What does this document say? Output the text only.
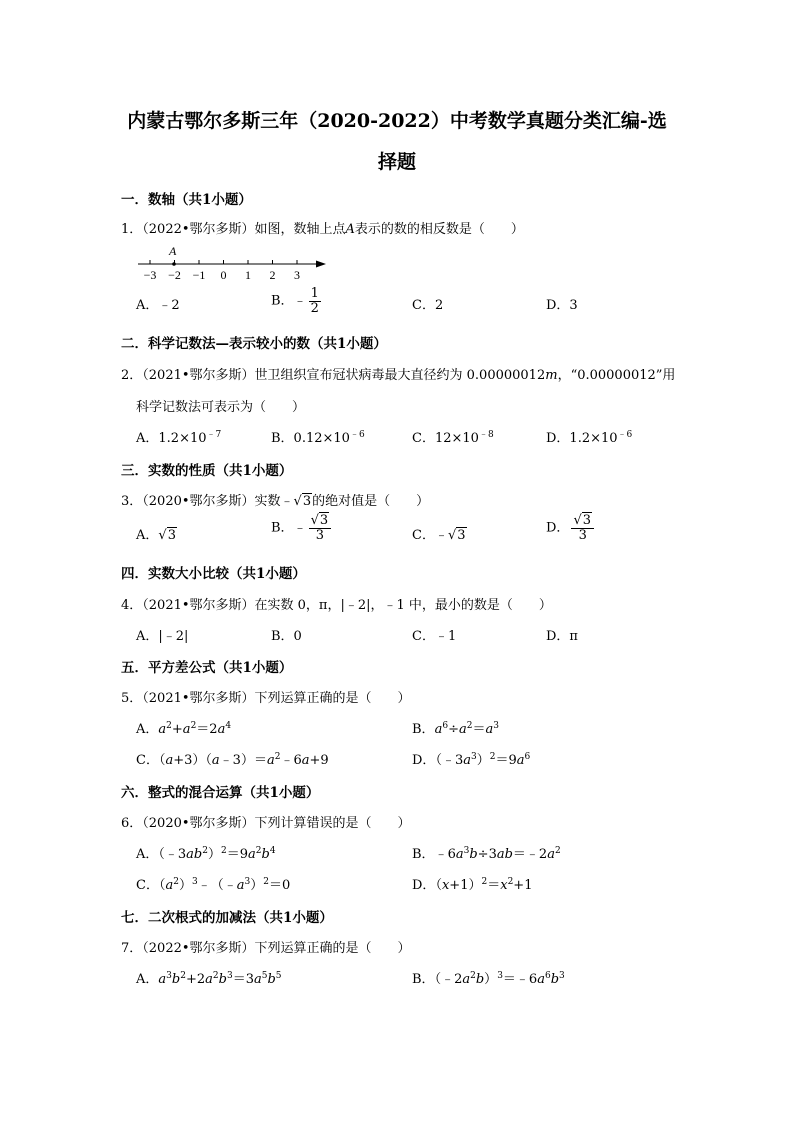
内蒙古鄂尔多斯三年（2020-2022）中考数学真题分类汇编-选
择题
一．数轴（共1小题）
1．（2022•鄂尔多斯）如图，数轴上点A表示的数的相反数是（　　）
−3 −2 −1 0 1 2 3
A
A．﹣2	B．﹣ $\frac{1}{2}$	C．2	D．3
二．科学记数法—表示较小的数（共1小题）
2．（2021•鄂尔多斯）世卫组织宣布冠状病毒最大直径约为 0.00000012m，“0.00000012”用
科学记数法可表示为（　　）
A．$1.2\times 10^{﹣7}$	B．$0.12\times 10^{﹣6}$	C．$12\times 10^{﹣8}$	D．$1.2\times 10^{﹣6}$
三．实数的性质（共1小题）
3．（2020•鄂尔多斯）实数﹣√3的绝对值是（　　）
A．√3	B．﹣ $\frac{√3}{3}$	C．﹣√3	D． $\frac{√3}{3}$
四．实数大小比较（共1小题）
4．（2021•鄂尔多斯）在实数 0，π，|﹣2|，﹣1 中，最小的数是（　　）
A．|﹣2|	B．0	C．﹣1	D．π
五．平方差公式（共1小题）
5．（2021•鄂尔多斯）下列运算正确的是（　　）
A．$a^2+a^2=2a^4$	B．$a^6\div a^2=a^3$
C．$(a+3)(a﹣3)=a^2﹣6a+9$	D．$(﹣3a^3)^2=9a^6$
六．整式的混合运算（共1小题）
6．（2020•鄂尔多斯）下列计算错误的是（　　）
A．$(﹣3ab^2)^2=9a^2b^4$	B．$﹣6a^3b\div 3ab=﹣2a^2$
C．$(a^2)^3﹣(﹣a^3)^2=0$	D．$(x+1)^2=x^2+1$
七．二次根式的加减法（共1小题）
7．（2022•鄂尔多斯）下列运算正确的是（　　）
A．$a^3b^2+2a^2b^3=3a^5b^5$	B．$(﹣2a^2b)^3=﹣6a^6b^3$
